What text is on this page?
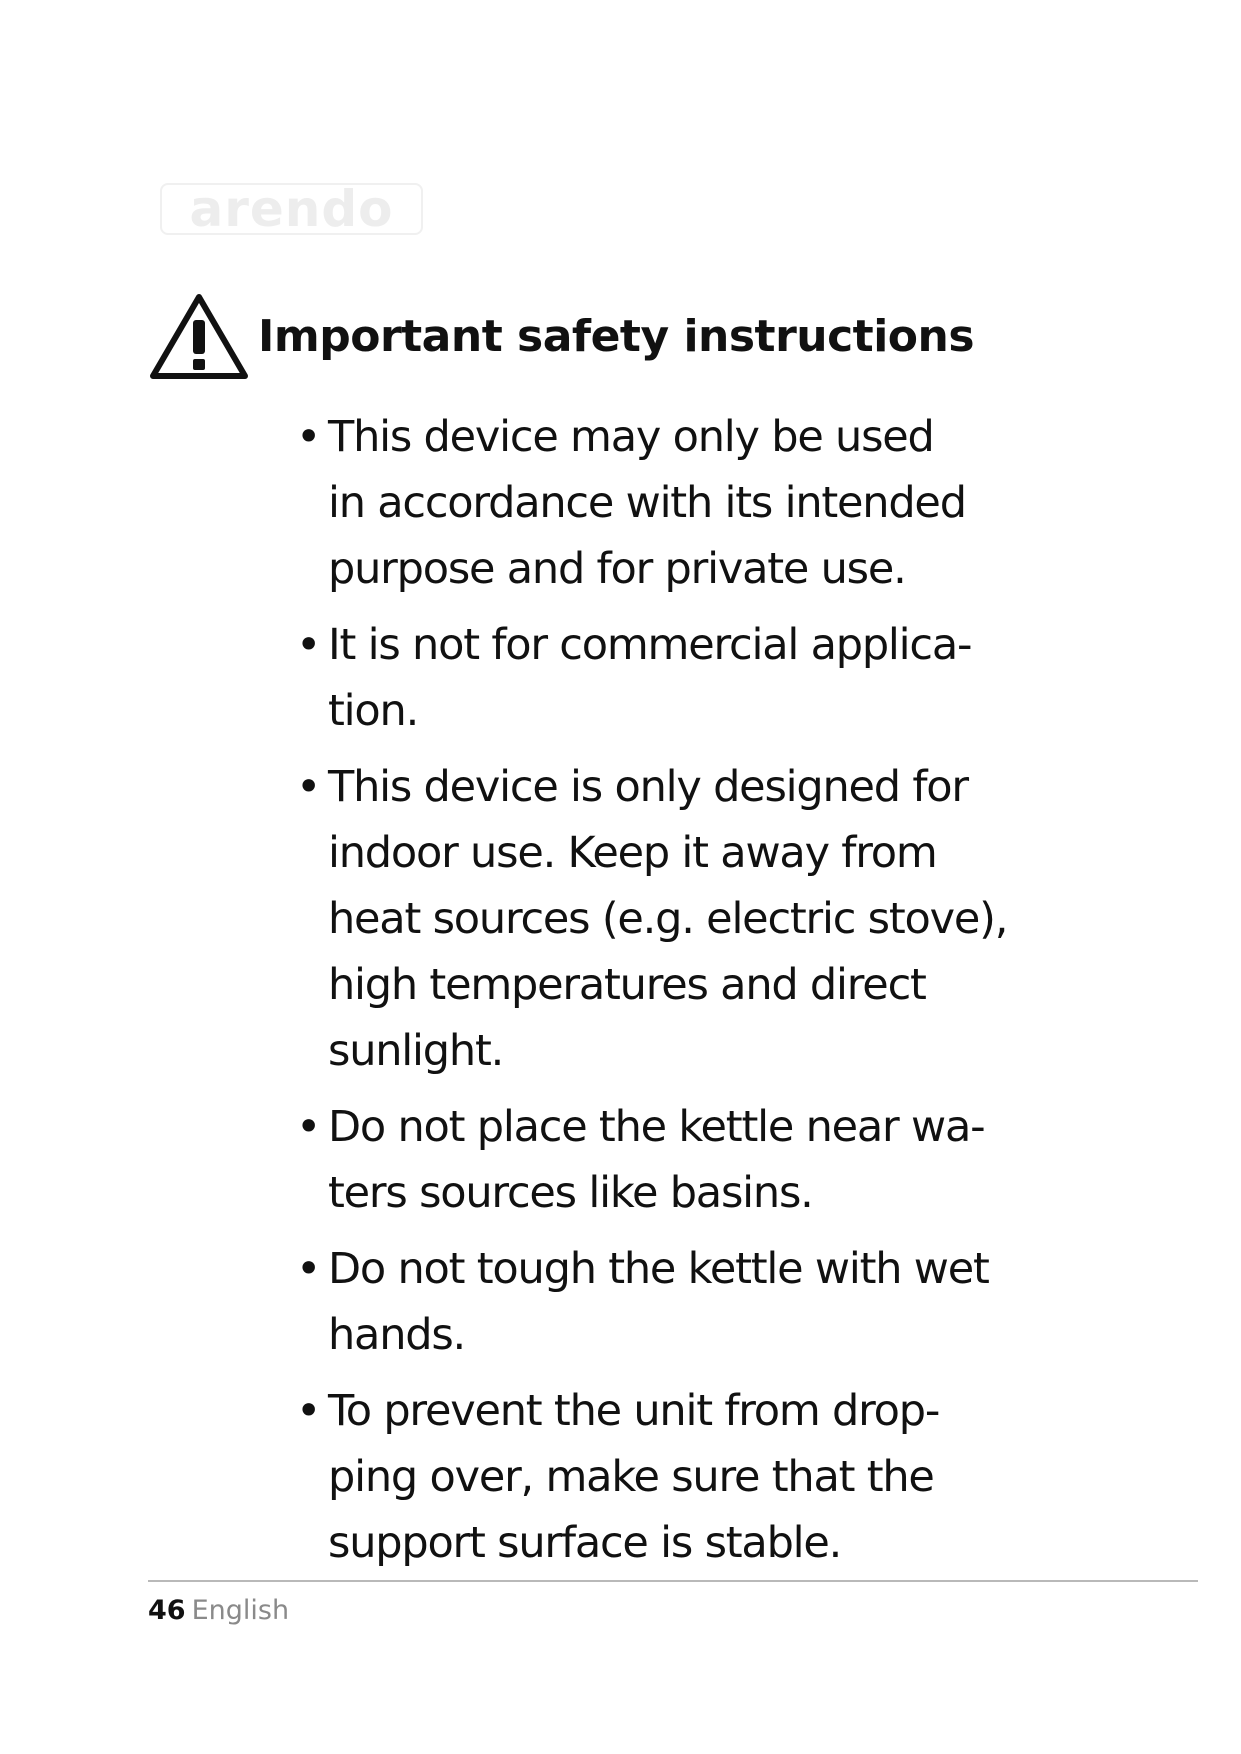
arendo
Important safety instructions
• This device may only be used
in accordance with its intended
purpose and for private use.
• It is not for commercial applica-
tion.
• This device is only designed for
indoor use. Keep it away from
heat sources (e.g. electric stove),
high temperatures and direct
sunlight.
• Do not place the kettle near wa-
ters sources like basins.
• Do not tough the kettle with wet
hands.
• To prevent the unit from drop-
ping over, make sure that the
support surface is stable.
46 English
